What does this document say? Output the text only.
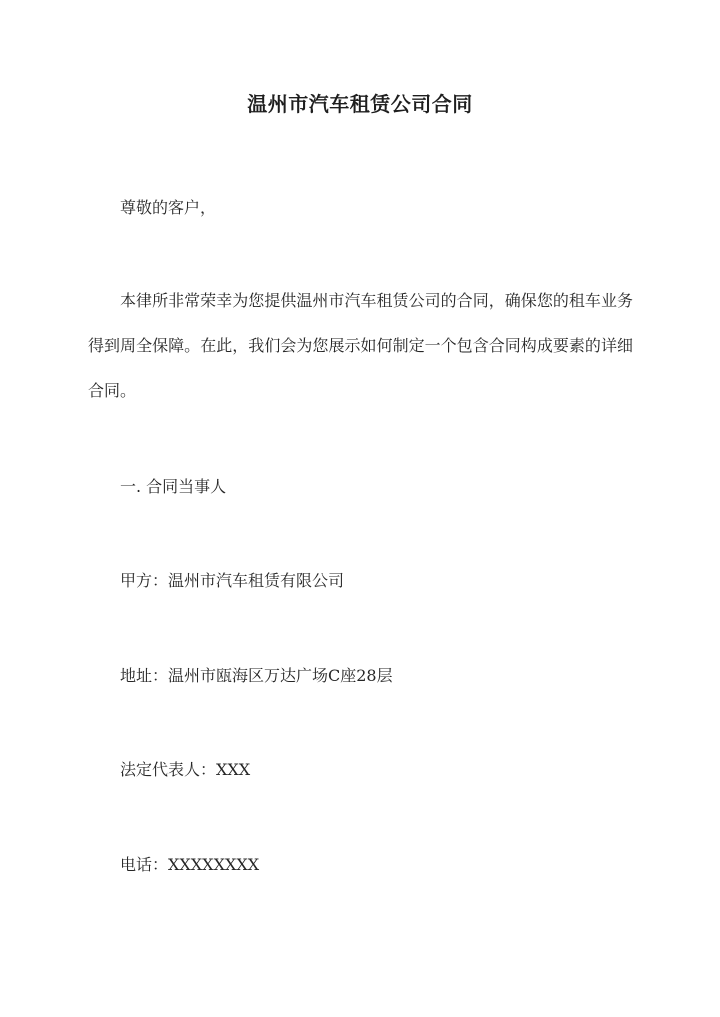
温州市汽车租赁公司合同
尊敬的客户，
本律所非常荣幸为您提供温州市汽车租赁公司的合同，确保您的租车业务得到周全保障。在此，我们会为您展示如何制定一个包含合同构成要素的详细合同。
一. 合同当事人
甲方：温州市汽车租赁有限公司
地址：温州市瓯海区万达广场C座28层
法定代表人：XXX
电话：XXXXXXXX
